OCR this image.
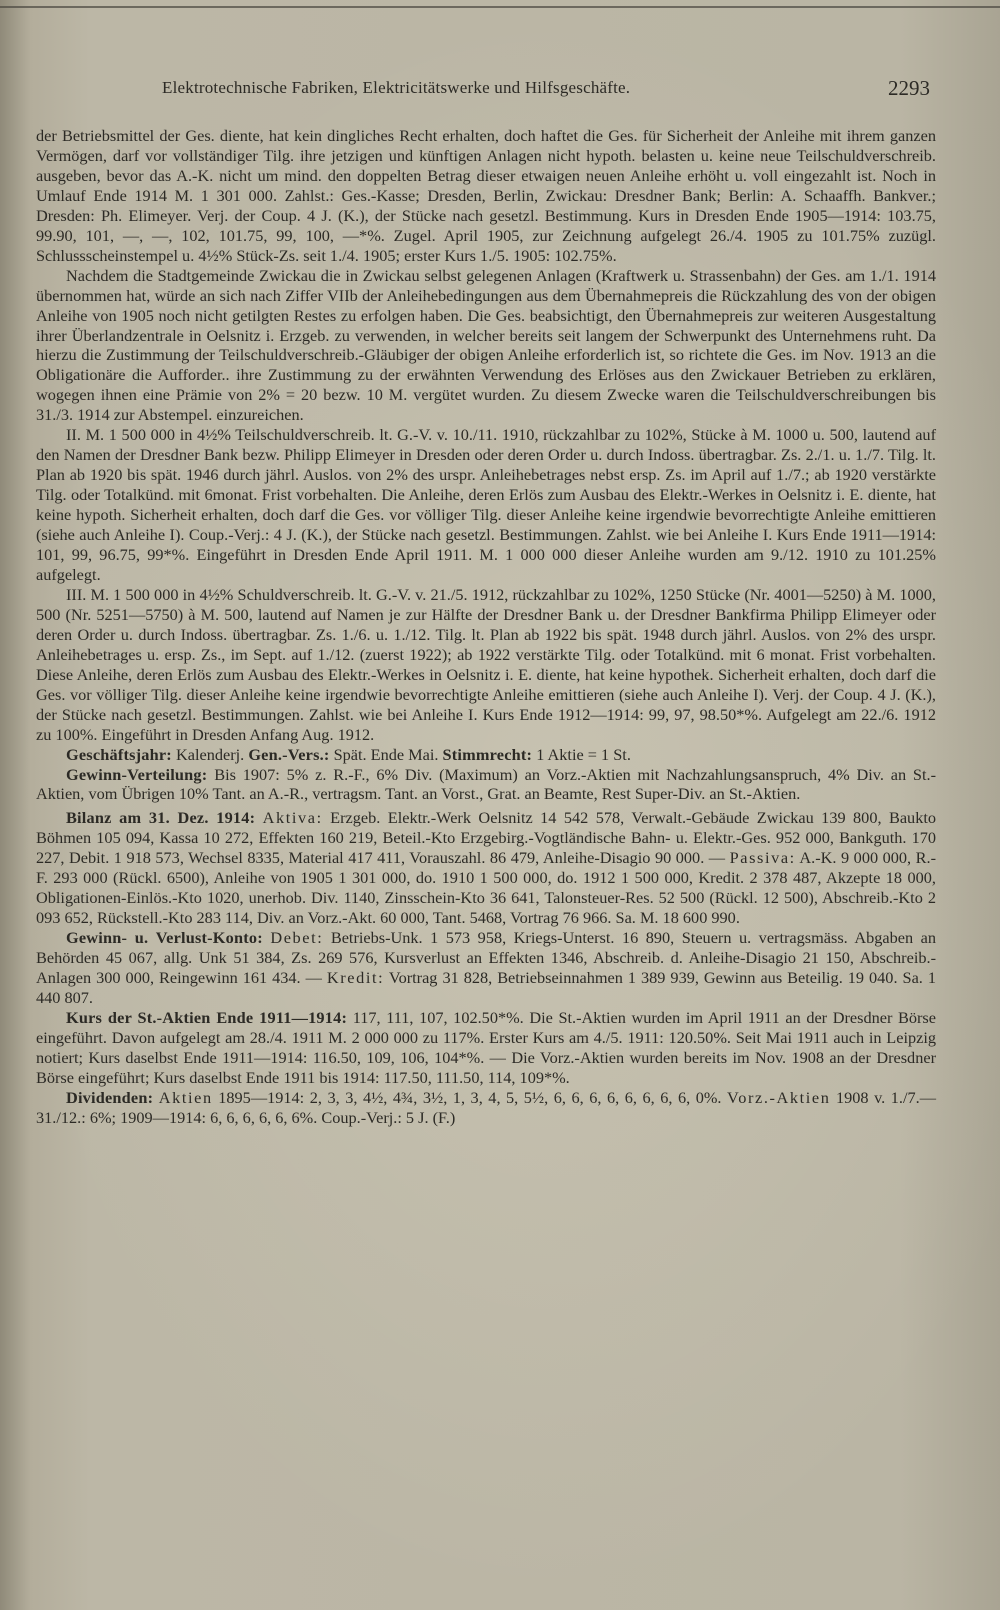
Elektrotechnische Fabriken, Elektricitätswerke und Hilfsgeschäfte.	2293

der Betriebsmittel der Ges. diente, hat kein dingliches Recht erhalten, doch haftet die Ges. für Sicherheit der Anleihe mit ihrem ganzen Vermögen, darf vor vollständiger Tilg. ihre jetzigen und künftigen Anlagen nicht hypoth. belasten u. keine neue Teilschuldverschreib. ausgeben, bevor das A.-K. nicht um mind. den doppelten Betrag dieser etwaigen neuen Anleihe erhöht u. voll eingezahlt ist. Noch in Umlauf Ende 1914 M. 1 301 000. Zahlst.: Ges.-Kasse; Dresden, Berlin, Zwickau: Dresdner Bank; Berlin: A. Schaaffh. Bankver.; Dresden: Ph. Elimeyer. Verj. der Coup. 4 J. (K.), der Stücke nach gesetzl. Bestimmung. Kurs in Dresden Ende 1905—1914: 103.75, 99.90, 101, —, —, 102, 101.75, 99, 100, —*%. Zugel. April 1905, zur Zeichnung aufgelegt 26./4. 1905 zu 101.75% zuzügl. Schlussscheinstempel u. 4½% Stück-Zs. seit 1./4. 1905; erster Kurs 1./5. 1905: 102.75%.

Nachdem die Stadtgemeinde Zwickau die in Zwickau selbst gelegenen Anlagen (Kraftwerk u. Strassenbahn) der Ges. am 1./1. 1914 übernommen hat, würde an sich nach Ziffer VIIb der Anleihebedingungen aus dem Übernahmepreis die Rückzahlung des von der obigen Anleihe von 1905 noch nicht getilgten Restes zu erfolgen haben. Die Ges. beabsichtigt, den Übernahmepreis zur weiteren Ausgestaltung ihrer Überlandzentrale in Oelsnitz i. Erzgeb. zu verwenden, in welcher bereits seit langem der Schwerpunkt des Unternehmens ruht. Da hierzu die Zustimmung der Teilschuldverschreib.-Gläubiger der obigen Anleihe erforderlich ist, so richtete die Ges. im Nov. 1913 an die Obligationäre die Aufforder.. ihre Zustimmung zu der erwähnten Verwendung des Erlöses aus den Zwickauer Betrieben zu erklären, wogegen ihnen eine Prämie von 2% = 20 bezw. 10 M. vergütet wurden. Zu diesem Zwecke waren die Teilschuldverschreibungen bis 31./3. 1914 zur Abstempel. einzureichen.

II. M. 1 500 000 in 4½% Teilschuldverschreib. lt. G.-V. v. 10./11. 1910, rückzahlbar zu 102%, Stücke à M. 1000 u. 500, lautend auf den Namen der Dresdner Bank bezw. Philipp Elimeyer in Dresden oder deren Order u. durch Indoss. übertragbar. Zs. 2./1. u. 1./7. Tilg. lt. Plan ab 1920 bis spät. 1946 durch jährl. Auslos. von 2% des urspr. Anleihebetrages nebst ersp. Zs. im April auf 1./7.; ab 1920 verstärkte Tilg. oder Totalkünd. mit 6monat. Frist vorbehalten. Die Anleihe, deren Erlös zum Ausbau des Elektr.-Werkes in Oelsnitz i. E. diente, hat keine hypoth. Sicherheit erhalten, doch darf die Ges. vor völliger Tilg. dieser Anleihe keine irgendwie bevorrechtigte Anleihe emittieren (siehe auch Anleihe I). Coup.-Verj.: 4 J. (K.), der Stücke nach gesetzl. Bestimmungen. Zahlst. wie bei Anleihe I. Kurs Ende 1911—1914: 101, 99, 96.75, 99*%. Eingeführt in Dresden Ende April 1911. M. 1 000 000 dieser Anleihe wurden am 9./12. 1910 zu 101.25% aufgelegt.

III. M. 1 500 000 in 4½% Schuldverschreib. lt. G.-V. v. 21./5. 1912, rückzahlbar zu 102%, 1250 Stücke (Nr. 4001—5250) à M. 1000, 500 (Nr. 5251—5750) à M. 500, lautend auf Namen je zur Hälfte der Dresdner Bank u. der Dresdner Bankfirma Philipp Elimeyer oder deren Order u. durch Indoss. übertragbar. Zs. 1./6. u. 1./12. Tilg. lt. Plan ab 1922 bis spät. 1948 durch jährl. Auslos. von 2% des urspr. Anleihebetrages u. ersp. Zs., im Sept. auf 1./12. (zuerst 1922); ab 1922 verstärkte Tilg. oder Totalkünd. mit 6 monat. Frist vorbehalten. Diese Anleihe, deren Erlös zum Ausbau des Elektr.-Werkes in Oelsnitz i. E. diente, hat keine hypothek. Sicherheit erhalten, doch darf die Ges. vor völliger Tilg. dieser Anleihe keine irgendwie bevorrechtigte Anleihe emittieren (siehe auch Anleihe I). Verj. der Coup. 4 J. (K.), der Stücke nach gesetzl. Bestimmungen. Zahlst. wie bei Anleihe I. Kurs Ende 1912—1914: 99, 97, 98.50*%. Aufgelegt am 22./6. 1912 zu 100%. Eingeführt in Dresden Anfang Aug. 1912.

Geschäftsjahr: Kalenderj. Gen.-Vers.: Spät. Ende Mai. Stimmrecht: 1 Aktie = 1 St.

Gewinn-Verteilung: Bis 1907: 5% z. R.-F., 6% Div. (Maximum) an Vorz.-Aktien mit Nachzahlungsanspruch, 4% Div. an St.-Aktien, vom Übrigen 10% Tant. an A.-R., vertragsm. Tant. an Vorst., Grat. an Beamte, Rest Super-Div. an St.-Aktien.

Bilanz am 31. Dez. 1914: Aktiva: Erzgeb. Elektr.-Werk Oelsnitz 14 542 578, Verwalt.-Gebäude Zwickau 139 800, Baukto Böhmen 105 094, Kassa 10 272, Effekten 160 219, Beteil.-Kto Erzgebirg.-Vogtländische Bahn- u. Elektr.-Ges. 952 000, Bankguth. 170 227, Debit. 1 918 573, Wechsel 8335, Material 417 411, Vorauszahl. 86 479, Anleihe-Disagio 90 000. — Passiva: A.-K. 9 000 000, R.-F. 293 000 (Rückl. 6500), Anleihe von 1905 1 301 000, do. 1910 1 500 000, do. 1912 1 500 000, Kredit. 2 378 487, Akzepte 18 000, Obligationen-Einlös.-Kto 1020, unerhob. Div. 1140, Zinsschein-Kto 36 641, Talonsteuer-Res. 52 500 (Rückl. 12 500), Abschreib.-Kto 2 093 652, Rückstell.-Kto 283 114, Div. an Vorz.-Akt. 60 000, Tant. 5468, Vortrag 76 966. Sa. M. 18 600 990.

Gewinn- u. Verlust-Konto: Debet: Betriebs-Unk. 1 573 958, Kriegs-Unterst. 16 890, Steuern u. vertragsmäss. Abgaben an Behörden 45 067, allg. Unk 51 384, Zs. 269 576, Kursverlust an Effekten 1346, Abschreib. d. Anleihe-Disagio 21 150, Abschreib.-Anlagen 300 000, Reingewinn 161 434. — Kredit: Vortrag 31 828, Betriebseinnahmen 1 389 939, Gewinn aus Beteilig. 19 040. Sa. 1 440 807.

Kurs der St.-Aktien Ende 1911—1914: 117, 111, 107, 102.50*%. Die St.-Aktien wurden im April 1911 an der Dresdner Börse eingeführt. Davon aufgelegt am 28./4. 1911 M. 2 000 000 zu 117%. Erster Kurs am 4./5. 1911: 120.50%. Seit Mai 1911 auch in Leipzig notiert; Kurs daselbst Ende 1911—1914: 116.50, 109, 106, 104*%. — Die Vorz.-Aktien wurden bereits im Nov. 1908 an der Dresdner Börse eingeführt; Kurs daselbst Ende 1911 bis 1914: 117.50, 111.50, 114, 109*%.

Dividenden: Aktien 1895—1914: 2, 3, 3, 4½, 4¾, 3½, 1, 3, 4, 5, 5½, 6, 6, 6, 6, 6, 6, 6, 6, 0%. Vorz.-Aktien 1908 v. 1./7.—31./12.: 6%; 1909—1914: 6, 6, 6, 6, 6, 6%. Coup.-Verj.: 5 J. (F.)
